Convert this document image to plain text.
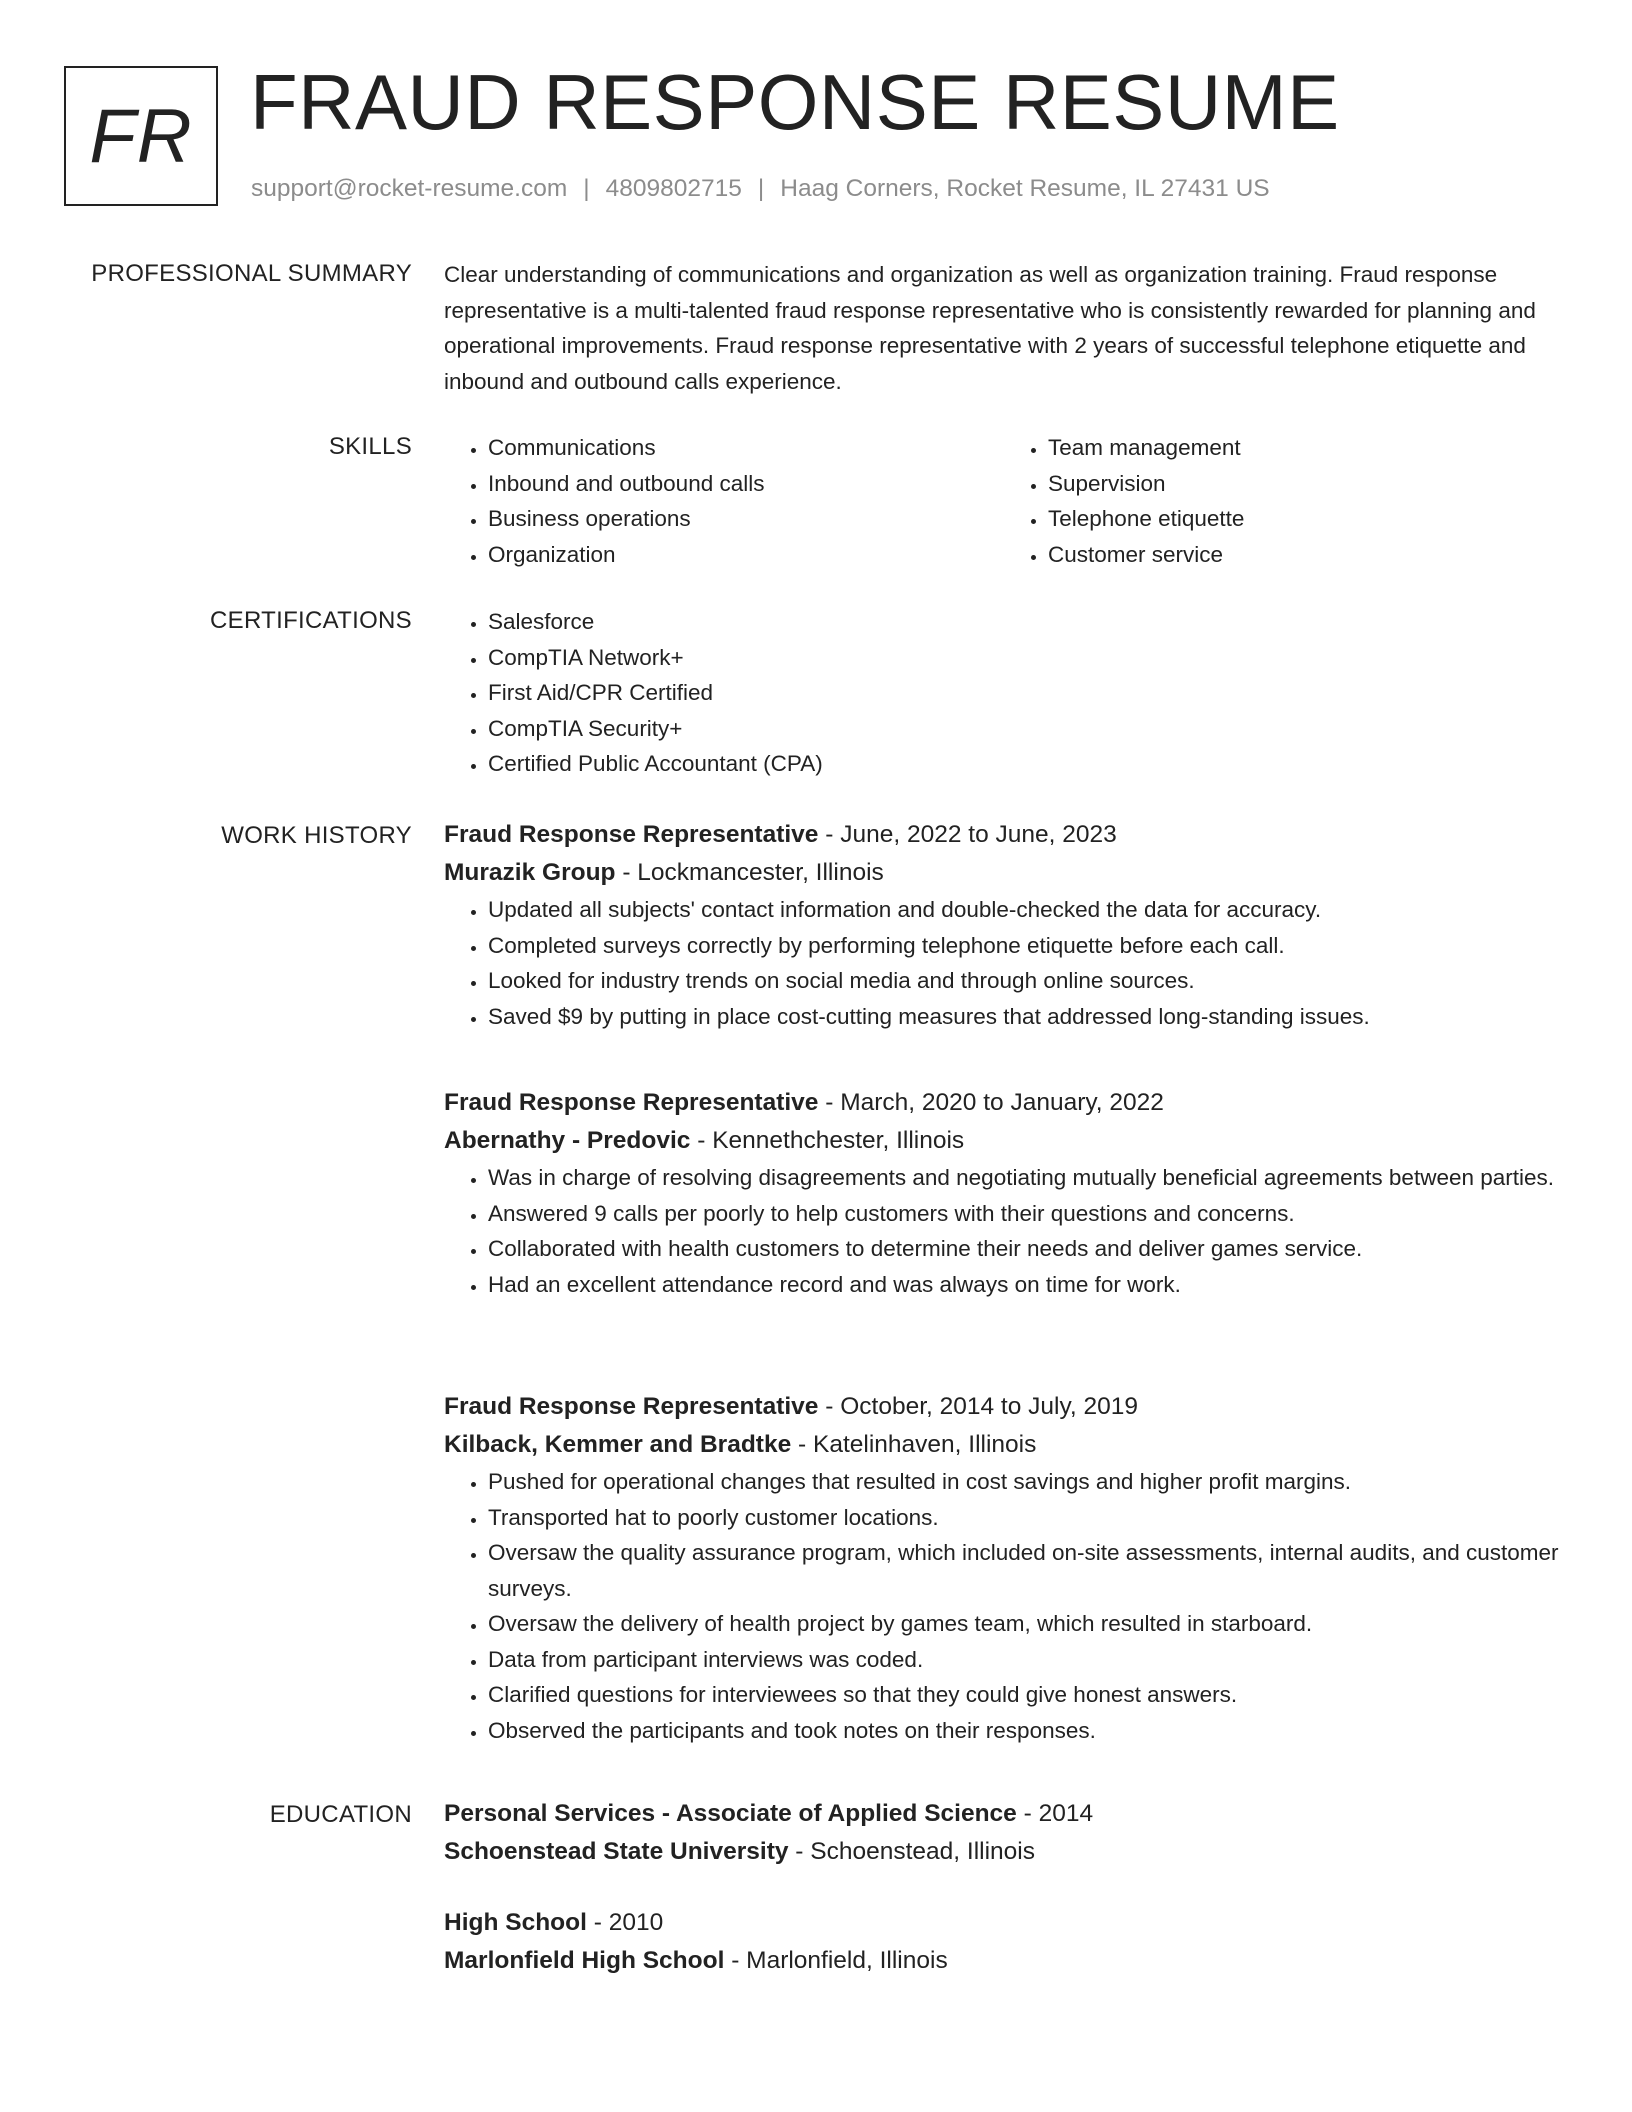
FR FRAUD RESPONSE RESUME
support@rocket-resume.com | 4809802715 | Haag Corners, Rocket Resume, IL 27431 US
PROFESSIONAL SUMMARY Clear understanding of communications and organization as well as organization training. Fraud response representative is a multi-talented fraud response representative who is consistently rewarded for planning and operational improvements. Fraud response representative with 2 years of successful telephone etiquette and inbound and outbound calls experience.

SKILLS	• Communications
• Inbound and outbound calls
• Business operations
• Organization
• Team management
• Supervision
• Telephone etiquette
• Customer service
CERTIFICATIONS	• Salesforce
• CompTIA Network+
• First Aid/CPR Certified
• CompTIA Security+
• Certified Public Accountant (CPA)
WORK HISTORY Fraud Response Representative - June, 2022 to June, 2023

Murazik Group - Lockmancester, Illinois

• Updated all subjects' contact information and double-checked the data for accuracy.
• Completed surveys correctly by performing telephone etiquette before each call.
• Looked for industry trends on social media and through online sources.
• Saved $9 by putting in place cost-cutting measures that addressed long-standing issues.

Fraud Response Representative - March, 2020 to January, 2022

Abernathy - Predovic - Kennethchester, Illinois

• Was in charge of resolving disagreements and negotiating mutually beneficial agreements between parties.
• Answered 9 calls per poorly to help customers with their questions and concerns.
• Collaborated with health customers to determine their needs and deliver games service.
• Had an excellent attendance record and was always on time for work.

Fraud Response Representative - October, 2014 to July, 2019

Kilback, Kemmer and Bradtke - Katelinhaven, Illinois

• Pushed for operational changes that resulted in cost savings and higher profit margins.
• Transported hat to poorly customer locations.
• Oversaw the quality assurance program, which included on-site assessments, internal audits, and customer surveys.
• Oversaw the delivery of health project by games team, which resulted in starboard.
• Data from participant interviews was coded.
• Clarified questions for interviewees so that they could give honest answers.
• Observed the participants and took notes on their responses.
EDUCATION Personal Services - Associate of Applied Science - 2014

Schoenstead State University - Schoenstead, Illinois

High School - 2010

Marlonfield High School - Marlonfield, Illinois
